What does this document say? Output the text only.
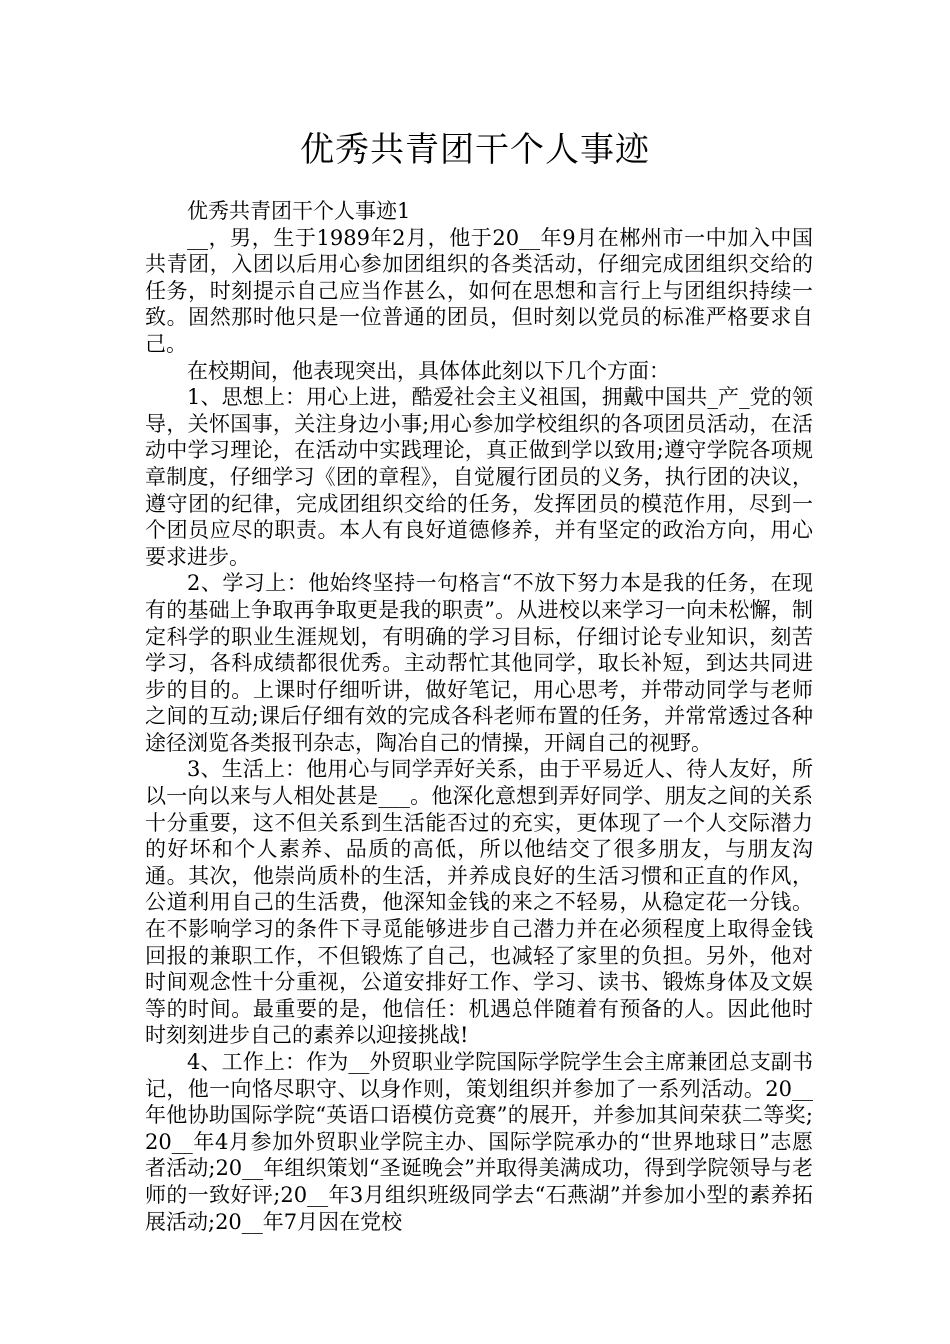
优秀共青团干个人事迹

优秀共青团干个人事迹1

__，男，生于1989年2月，他于20__年9月在郴州市一中加入中国共青团，入团以后用心参加团组织的各类活动，仔细完成团组织交给的任务，时刻提示自己应当作甚么，如何在思想和言行上与团组织持续一致。固然那时他只是一位普通的团员，但时刻以党员的标准严格要求自己。

在校期间，他表现突出，具体体此刻以下几个方面：

1、思想上：用心上进，酷爱社会主义祖国，拥戴中国共_产_党的领导，关怀国事，关注身边小事;用心参加学校组织的各项团员活动，在活动中学习理论，在活动中实践理论，真正做到学以致用;遵守学院各项规章制度，仔细学习《团的章程》，自觉履行团员的义务，执行团的决议，遵守团的纪律，完成团组织交给的任务，发挥团员的模范作用，尽到一个团员应尽的职责。本人有良好道德修养，并有坚定的政治方向，用心要求进步。

2、学习上：他始终坚持一句格言“不放下努力本是我的任务，在现有的基础上争取再争取更是我的职责”。从进校以来学习一向未松懈，制定科学的职业生涯规划，有明确的学习目标，仔细讨论专业知识，刻苦学习，各科成绩都很优秀。主动帮忙其他同学，取长补短，到达共同进步的目的。上课时仔细听讲，做好笔记，用心思考，并带动同学与老师之间的互动;课后仔细有效的完成各科老师布置的任务，并常常透过各种途径浏览各类报刊杂志，陶冶自己的情操，开阔自己的视野。

3、生活上：他用心与同学弄好关系，由于平易近人、待人友好，所以一向以来与人相处甚是___。他深化意想到弄好同学、朋友之间的关系十分重要，这不但关系到生活能否过的充实，更体现了一个人交际潜力的好坏和个人素养、品质的高低，所以他结交了很多朋友，与朋友沟通。其次，他崇尚质朴的生活，并养成良好的生活习惯和正直的作风，公道利用自己的生活费，他深知金钱的来之不轻易，从稳定花一分钱。在不影响学习的条件下寻觅能够进步自己潜力并在必须程度上取得金钱回报的兼职工作，不但锻炼了自己，也减轻了家里的负担。另外，他对时间观念性十分重视，公道安排好工作、学习、读书、锻炼身体及文娱等的时间。最重要的是，他信任：机遇总伴随着有预备的人。因此他时时刻刻进步自己的素养以迎接挑战!

4、工作上：作为__外贸职业学院国际学院学生会主席兼团总支副书记，他一向恪尽职守、以身作则，策划组织并参加了一系列活动。20__年他协助国际学院“英语口语模仿竞赛”的展开，并参加其间荣获二等奖;20__年4月参加外贸职业学院主办、国际学院承办的“世界地球日”志愿者活动;20__年组织策划“圣诞晚会”并取得美满成功，得到学院领导与老师的一致好评;20__年3月组织班级同学去“石燕湖”并参加小型的素养拓展活动;20__年7月因在党校
